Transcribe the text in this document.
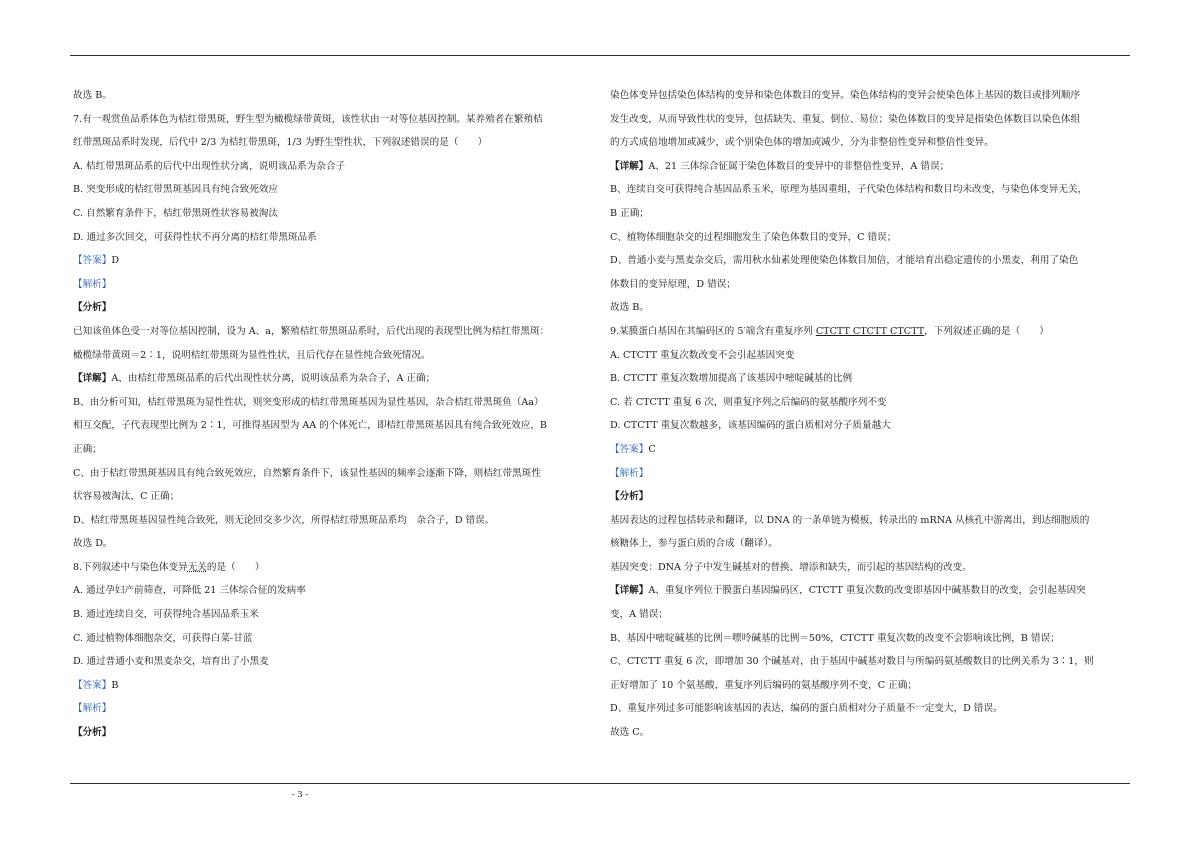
故选 B。
7.有一观赏鱼品系体色为桔红带黑斑，野生型为橄榄绿带黄斑，该性状由一对等位基因控制。某养殖者在繁殖桔
红带黑斑品系时发现，后代中 2/3 为桔红带黑斑，1/3 为野生型性状，下列叙述错误的是（　　）
A. 桔红带黑斑品系的后代中出现性状分离，说明该品系为杂合子
B. 突变形成的桔红带黑斑基因具有纯合致死效应
C. 自然繁育条件下，桔红带黑斑性状容易被淘汰
D. 通过多次回交，可获得性状不再分离的桔红带黑斑品系
【答案】D
【解析】
【分析】
已知该鱼体色受一对等位基因控制，设为 A、a，繁殖桔红带黑斑品系时，后代出现的表现型比例为桔红带黑斑：
橄榄绿带黄斑＝2∶1，说明桔红带黑斑为显性性状，且后代存在显性纯合致死情况。
【详解】A、由桔红带黑斑品系的后代出现性状分离，说明该品系为杂合子，A 正确；
B、由分析可知，桔红带黑斑为显性性状，则突变形成的桔红带黑斑基因为显性基因，杂合桔红带黑斑鱼（Aa）
相互交配，子代表现型比例为 2∶1，可推得基因型为 AA 的个体死亡，即桔红带黑斑基因具有纯合致死效应，B
正确；
C、由于桔红带黑斑基因具有纯合致死效应，自然繁育条件下，该显性基因的频率会逐渐下降，则桔红带黑斑性
状容易被淘汰，C 正确；
D、桔红带黑斑基因显性纯合致死，则无论回交多少次，所得桔红带黑斑品系均　杂合子，D 错误。
故选 D。
8.下列叙述中与染色体变异无关的是（　　）
A. 通过孕妇产前筛查，可降低 21 三体综合征的发病率
B. 通过连续自交，可获得纯合基因品系玉米
C. 通过植物体细胞杂交，可获得白菜-甘蓝
D. 通过普通小麦和黑麦杂交，培育出了小黑麦
【答案】B
【解析】
【分析】
染色体变异包括染色体结构的变异和染色体数目的变异。染色体结构的变异会使染色体上基因的数目或排列顺序
发生改变，从而导致性状的变异，包括缺失、重复、倒位、易位；染色体数目的变异是指染色体数目以染色体组
的方式成倍地增加或减少，或个别染色体的增加或减少，分为非整倍性变异和整倍性变异。
【详解】A、21 三体综合征属于染色体数目的变异中的非整倍性变异，A 错误；
B、连续自交可获得纯合基因品系玉米，原理为基因重组，子代染色体结构和数目均未改变，与染色体变异无关，
B 正确；
C、植物体细胞杂交的过程细胞发生了染色体数目的变异，C 错误；
D、普通小麦与黑麦杂交后，需用秋水仙素处理使染色体数目加倍，才能培育出稳定遗传的小黑麦，利用了染色
体数目的变异原理，D 错误；
故选 B。
9.某膜蛋白基因在其编码区的 5′端含有重复序列 CTCTT CTCTT CTCTT，下列叙述正确的是（　　）
A. CTCTT 重复次数改变不会引起基因突变
B. CTCTT 重复次数增加提高了该基因中嘧啶碱基的比例
C. 若 CTCTT 重复 6 次，则重复序列之后编码的氨基酸序列不变
D. CTCTT 重复次数越多，该基因编码的蛋白质相对分子质量越大
【答案】C
【解析】
【分析】
基因表达的过程包括转录和翻译，以 DNA 的一条单链为模板，转录出的 mRNA 从核孔中游离出，到达细胞质的
核糖体上，参与蛋白质的合成（翻译）。
基因突变：DNA 分子中发生碱基对的替换、增添和缺失，而引起的基因结构的改变。
【详解】A、重复序列位于膜蛋白基因编码区，CTCTT 重复次数的改变即基因中碱基数目的改变，会引起基因突
变，A 错误；
B、基因中嘧啶碱基的比例＝嘌呤碱基的比例＝50%，CTCTT 重复次数的改变不会影响该比例，B 错误；
C、CTCTT 重复 6 次，即增加 30 个碱基对，由于基因中碱基对数目与所编码氨基酸数目的比例关系为 3∶1，则
正好增加了 10 个氨基酸，重复序列后编码的氨基酸序列不变，C 正确；
D、重复序列过多可能影响该基因的表达，编码的蛋白质相对分子质量不一定变大，D 错误。
故选 C。
- 3 -
